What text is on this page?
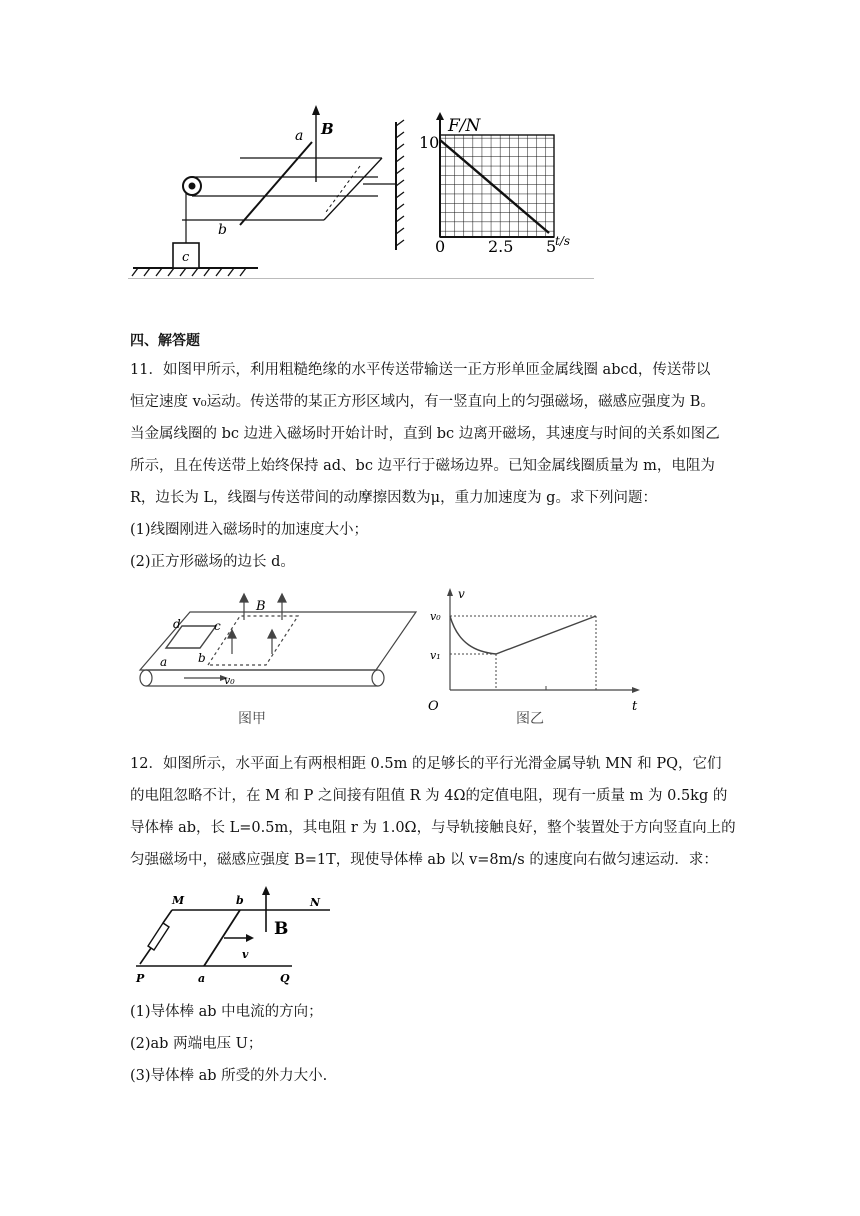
c
B
a
b
F/N
10
0	2.5 5
t/s
四、解答题
11．如图甲所示，利用粗糙绝缘的水平传送带输送一正方形单匝金属线圈 abcd，传送带以
恒定速度 v₀运动。传送带的某正方形区域内，有一竖直向上的匀强磁场，磁感应强度为 B。
当金属线圈的 bc 边进入磁场时开始计时，直到 bc 边离开磁场，其速度与时间的关系如图乙
所示，且在传送带上始终保持 ad、bc 边平行于磁场边界。已知金属线圈质量为 m，电阻为
R，边长为 L，线圈与传送带间的动摩擦因数为μ，重力加速度为 g。求下列问题：
(1)线圈刚进入磁场时的加速度大小；
(2)正方形磁场的边长 d。
a
d	c
b
B
v₀
图甲
v
t
O
v₀
v₁
图乙
12．如图所示，水平面上有两根相距 0.5m 的足够长的平行光滑金属导轨 MN 和 PQ，它们
的电阻忽略不计，在 M 和 P 之间接有阻值 R 为 4Ω的定值电阻，现有一质量 m 为 0.5kg 的
导体棒 ab，长 L=0.5m，其电阻 r 为 1.0Ω，与导轨接触良好，整个装置处于方向竖直向上的
匀强磁场中，磁感应强度 B=1T，现使导体棒 ab 以 v=8m/s 的速度向右做匀速运动．求：
v
B
M	b	N
P	a	Q
(1)导体棒 ab 中电流的方向；
(2)ab 两端电压 U；
(3)导体棒 ab 所受的外力大小.
